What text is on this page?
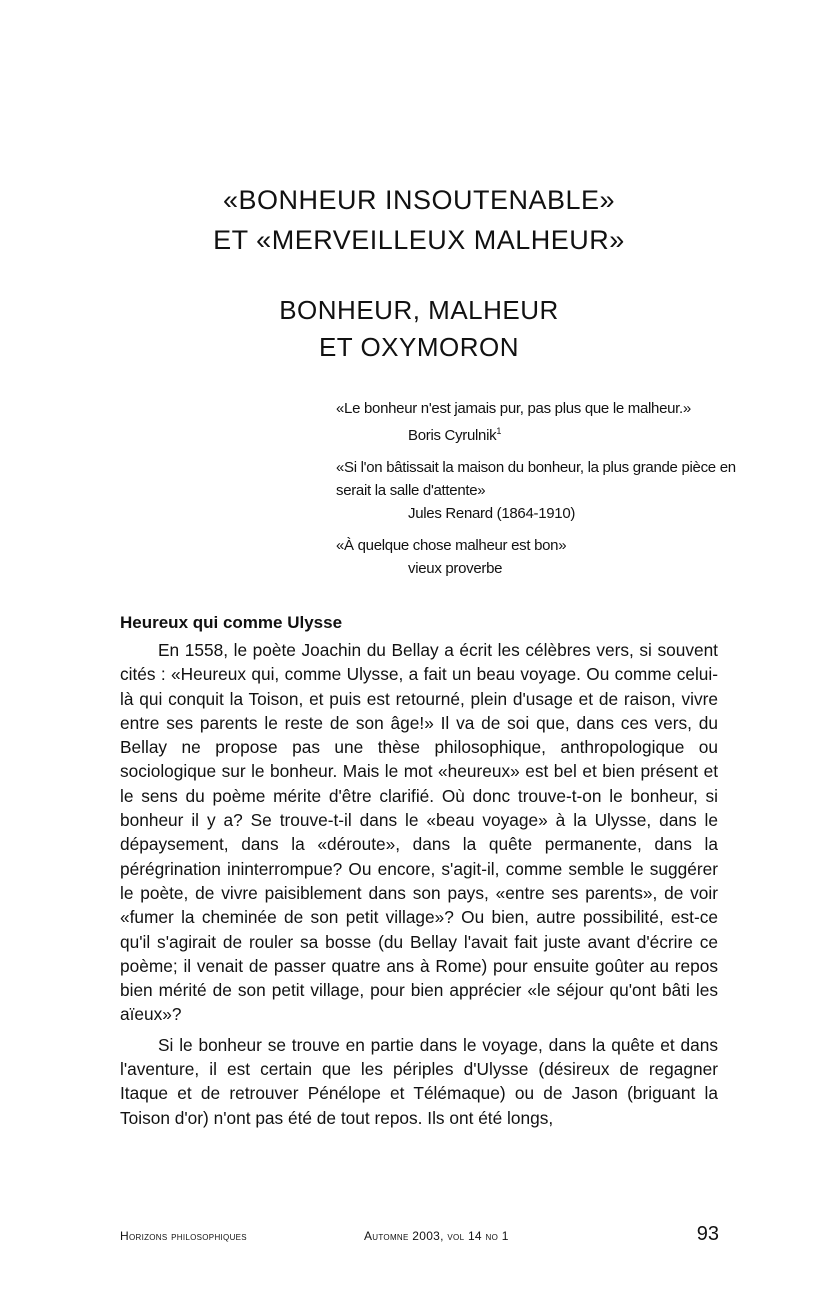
«BONHEUR INSOUTENABLE»
ET «MERVEILLEUX MALHEUR»
BONHEUR, MALHEUR
ET OXYMORON
«Le bonheur n'est jamais pur, pas plus que le malheur.»
Boris Cyrulnik$^1$
«Si l'on bâtissait la maison du bonheur, la plus grande pièce en serait la salle d'attente»
Jules Renard (1864-1910)
«À quelque chose malheur est bon»
vieux proverbe
Heureux qui comme Ulysse

En 1558, le poète Joachin du Bellay a écrit les célèbres vers, si souvent cités : «Heureux qui, comme Ulysse, a fait un beau voyage. Ou comme celui-là qui conquit la Toison, et puis est retourné, plein d'usage et de raison, vivre entre ses parents le reste de son âge!» Il va de soi que, dans ces vers, du Bellay ne propose pas une thèse philosophique, anthropologique ou sociologique sur le bonheur. Mais le mot «heureux» est bel et bien présent et le sens du poème mérite d'être clarifié. Où donc trouve-t-on le bonheur, si bonheur il y a? Se trouve-t-il dans le «beau voyage» à la Ulysse, dans le dépaysement, dans la «déroute», dans la quête permanente, dans la pérégrination ininterrompue? Ou encore, s'agit-il, comme semble le suggérer le poète, de vivre paisiblement dans son pays, «entre ses parents», de voir «fumer la cheminée de son petit village»? Ou bien, autre possibilité, est-ce qu'il s'agirait de rouler sa bosse (du Bellay l'avait fait juste avant d'écrire ce poème; il venait de passer quatre ans à Rome) pour ensuite goûter au repos bien mérité de son petit village, pour bien apprécier «le séjour qu'ont bâti les aïeux»?

Si le bonheur se trouve en partie dans le voyage, dans la quête et dans l'aventure, il est certain que les périples d'Ulysse (désireux de regagner Itaque et de retrouver Pénélope et Télémaque) ou de Jason (briguant la Toison d'or) n'ont pas été de tout repos. Ils ont été longs,

Horizons philosophiques	Automne 2003, vol 14 no 1	93
